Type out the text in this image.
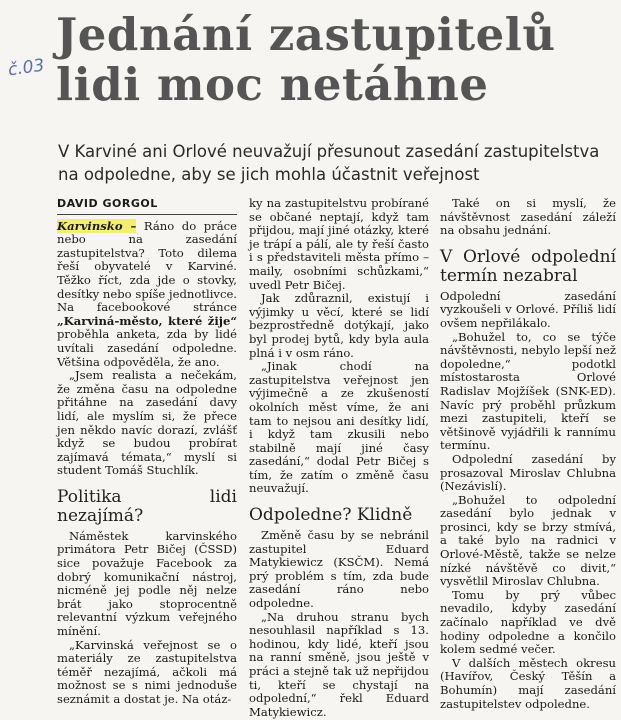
č.03
Jednání zastupitelů
lidi moc netáhne
V Karviné ani Orlové neuvažují přesunout zasedání zastupitelstva na odpoledne, aby se jich mohla účastnit veřejnost
DAVID GORGOL

Karvinsko – Ráno do práce nebo na zasedání zastupitelstva? Toto dilema řeší obyvatelé v Karviné. Těžko říct, zda jde o stovky, desítky nebo spíše jednotlivce. Na facebookové stránce „Karviná-město, které žije“ proběhla anketa, zda by lidé uvítali zasedání odpoledne. Většina odpověděla, že ano.

„Jsem realista a nečekám, že změna času na odpoledne přitáhne na zasedání davy lidí, ale myslím si, že přece jen někdo navíc dorazí, zvlášť když se budou probírat zajímavá témata,“ myslí si student Tomáš Stuchlík.

Politika lidi nezajímá?

Náměstek karvinského primátora Petr Bičej (ČSSD) sice považuje Facebook za dobrý komunikační nástroj, nicméně jej podle něj nelze brát jako stoprocentně relevantní výzkum veřejného mínění.

„Karvinská veřejnost se o materiály ze zastupitelstva téměř nezajímá, ačkoli má možnost se s nimi jednoduše seznámit a dostat je. Na otáz-

ky na zastupitelstvu probírané se občané neptají, když tam přijdou, mají jiné otázky, které je trápí a pálí, ale ty řeší často i s představiteli města přímo – maily, osobními schůzkami,“ uvedl Petr Bičej.

Jak zdůraznil, existují i výjimky u věcí, které se lidí bezprostředně dotýkají, jako byl prodej bytů, kdy byla aula plná i v osm ráno.

„Jinak chodí na zastupitelstva veřejnost jen výjimečně a ze zkušeností okolních měst víme, že ani tam to nejsou ani desítky lidí, i když tam zkusili nebo stabilně mají jiné časy zasedání,“ dodal Petr Bičej s tím, že zatím o změně času neuvažují.

Odpoledne? Klidně

Změně času by se nebránil zastupitel Eduard Matykiewicz (KSČM). Nemá prý problém s tím, zda bude zasedání ráno nebo odpoledne.

„Na druhou stranu bych nesouhlasil například s 13. hodinou, kdy lidé, kteří jsou na ranní směně, jsou ještě v práci a stejně tak už nepřijdou ti, kteří se chystají na odpolední,“ řekl Eduard Matykiewicz.

Také on si myslí, že návštěvnost zasedání záleží na obsahu jednání.

V Orlové odpolední termín nezabral

Odpolední zasedání vyzkoušeli v Orlové. Příliš lidí ovšem nepřilákalo.

„Bohužel to, co se týče návštěvnosti, nebylo lepší než dopoledne,“ podotkl místostarosta Orlové Radislav Mojžíšek (SNK-ED). Navíc prý proběhl průzkum mezi zastupiteli, kteří se většinově vyjádřili k rannímu termínu.

Odpolední zasedání by prosazoval Miroslav Chlubna (Nezávislí).

„Bohužel to odpolední zasedání bylo jednak v prosinci, kdy se brzy stmívá, a také bylo na radnici v Orlové-Městě, takže se nelze nízké návštěvě co divit,“ vysvětlil Miroslav Chlubna.

Tomu by prý vůbec nevadilo, kdyby zasedání začínalo například ve dvě hodiny odpoledne a končilo kolem sedmé večer.

V dalších městech okresu (Havířov, Český Těšín a Bohumín) mají zasedání zastupitelstev odpoledne.
